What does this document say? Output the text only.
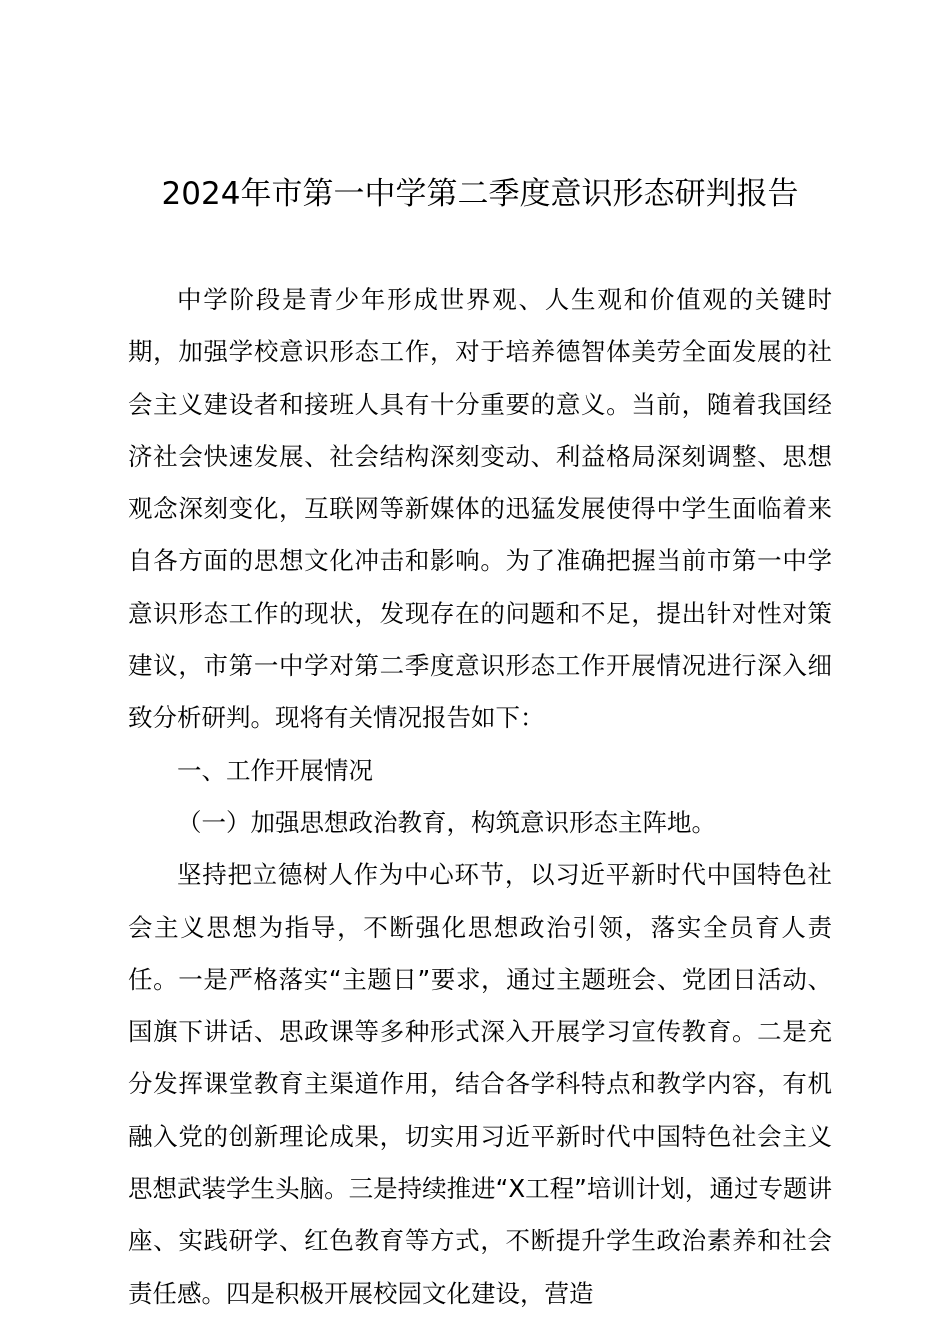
2024年市第一中学第二季度意识形态研判报告

中学阶段是青少年形成世界观、人生观和价值观的关键时期，加强学校意识形态工作，对于培养德智体美劳全面发展的社会主义建设者和接班人具有十分重要的意义。当前，随着我国经济社会快速发展、社会结构深刻变动、利益格局深刻调整、思想观念深刻变化，互联网等新媒体的迅猛发展使得中学生面临着来自各方面的思想文化冲击和影响。为了准确把握当前市第一中学意识形态工作的现状，发现存在的问题和不足，提出针对性对策建议，市第一中学对第二季度意识形态工作开展情况进行深入细致分析研判。现将有关情况报告如下：

一、工作开展情况

（一）加强思想政治教育，构筑意识形态主阵地。

坚持把立德树人作为中心环节，以习近平新时代中国特色社会主义思想为指导，不断强化思想政治引领，落实全员育人责任。一是严格落实“主题日”要求，通过主题班会、党团日活动、国旗下讲话、思政课等多种形式深入开展学习宣传教育。二是充分发挥课堂教育主渠道作用，结合各学科特点和教学内容，有机融入党的创新理论成果，切实用习近平新时代中国特色社会主义思想武装学生头脑。三是持续推进“X工程”培训计划，通过专题讲座、实践研学、红色教育等方式，不断提升学生政治素养和社会责任感。四是积极开展校园文化建设，营造
